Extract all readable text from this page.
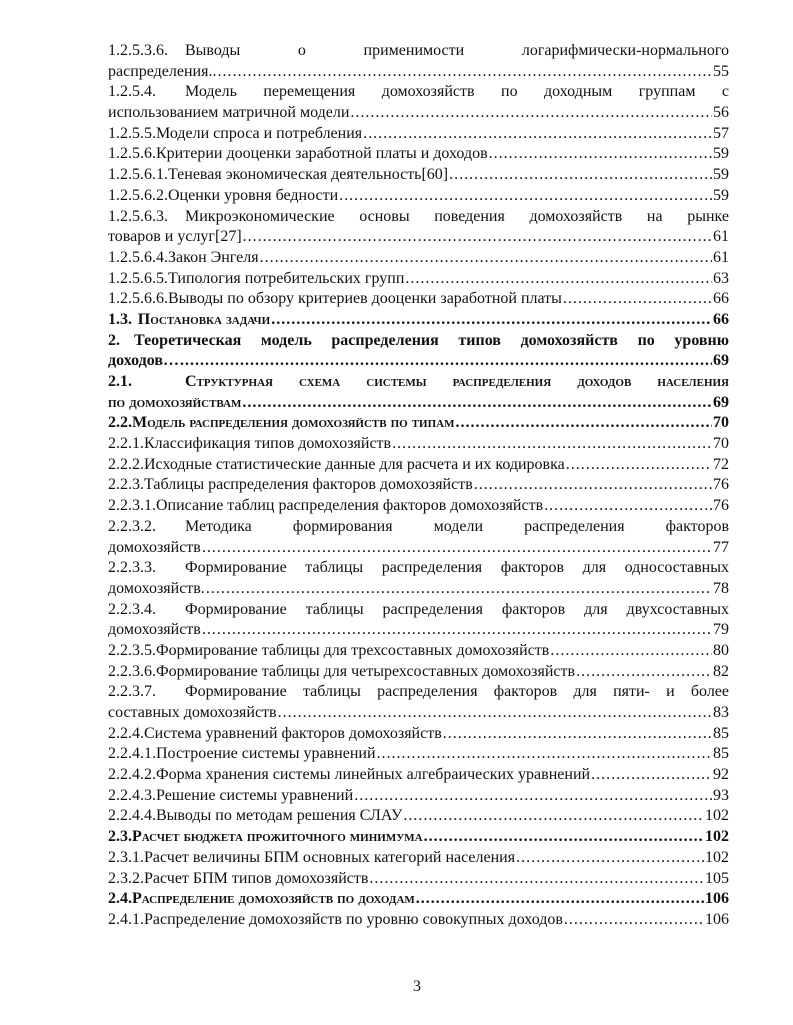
1.2.5.3.6. Выводы о применимости логарифмически-нормального
распределения.. .....	55
1.2.5.4. Модель перемещения домохозяйств по доходным группам с
использованием матричной модели .....	56
1.2.5.5. Модели спроса и потребления .....	57
1.2.5.6. Критерии дооценки заработной платы и доходов .....	59
1.2.5.6.1. Теневая экономическая деятельность[60] .....	59
1.2.5.6.2. Оценки уровня бедности .....	59
1.2.5.6.3. Микроэкономические основы поведения домохозяйств на рынке
товаров и услуг[27] .....	61
1.2.5.6.4. Закон Энгеля .....	61
1.2.5.6.5. Типология потребительских групп .....	63
1.2.5.6.6. Выводы по обзору критериев дооценки заработной платы .....	66
1.3. Постановка задачи .....	66
2. Теоретическая модель распределения типов домохозяйств по уровню
доходов… .....	69
2.1.	Структурная схема системы распределения доходов населения
по домохозяйствам .....	69
2.2. Модель распределения домохозяйств по типам .....	70
2.2.1. Классификация типов домохозяйств .....	70
2.2.2. Исходные статистические данные для расчета и их кодировка .....	72
2.2.3. Таблицы распределения факторов домохозяйств .....	76
2.2.3.1. Описание таблиц распределения факторов домохозяйств .....	76
2.2.3.2. Методика формирования модели распределения факторов
домохозяйств .....	77
2.2.3.3. Формирование таблицы распределения факторов для односоставных
домохозяйств. .....	78
2.2.3.4. Формирование таблицы распределения факторов для двухсоставных
домохозяйств .....	79
2.2.3.5. Формирование таблицы для трехсоставных домохозяйств .....	80
2.2.3.6. Формирование таблицы для четырехсоставных домохозяйств .....	82
2.2.3.7. Формирование таблицы распределения факторов для пяти- и более
составных домохозяйств .....	83
2.2.4. Система уравнений факторов домохозяйств .....	85
2.2.4.1. Построение системы уравнений .....	85
2.2.4.2. Форма хранения системы линейных алгебраических уравнений .....	92
2.2.4.3. Решение системы уравнений .....	93
2.2.4.4. Выводы по методам решения СЛАУ .....	102
2.3. Расчет бюджета прожиточного минимума .....	102
2.3.1. Расчет величины БПМ основных категорий населения .....	102
2.3.2. Расчет БПМ типов домохозяйств .....	105
2.4. Распределение домохозяйств по доходам .....	106
2.4.1. Распределение домохозяйств по уровню совокупных доходов .....	106
3
